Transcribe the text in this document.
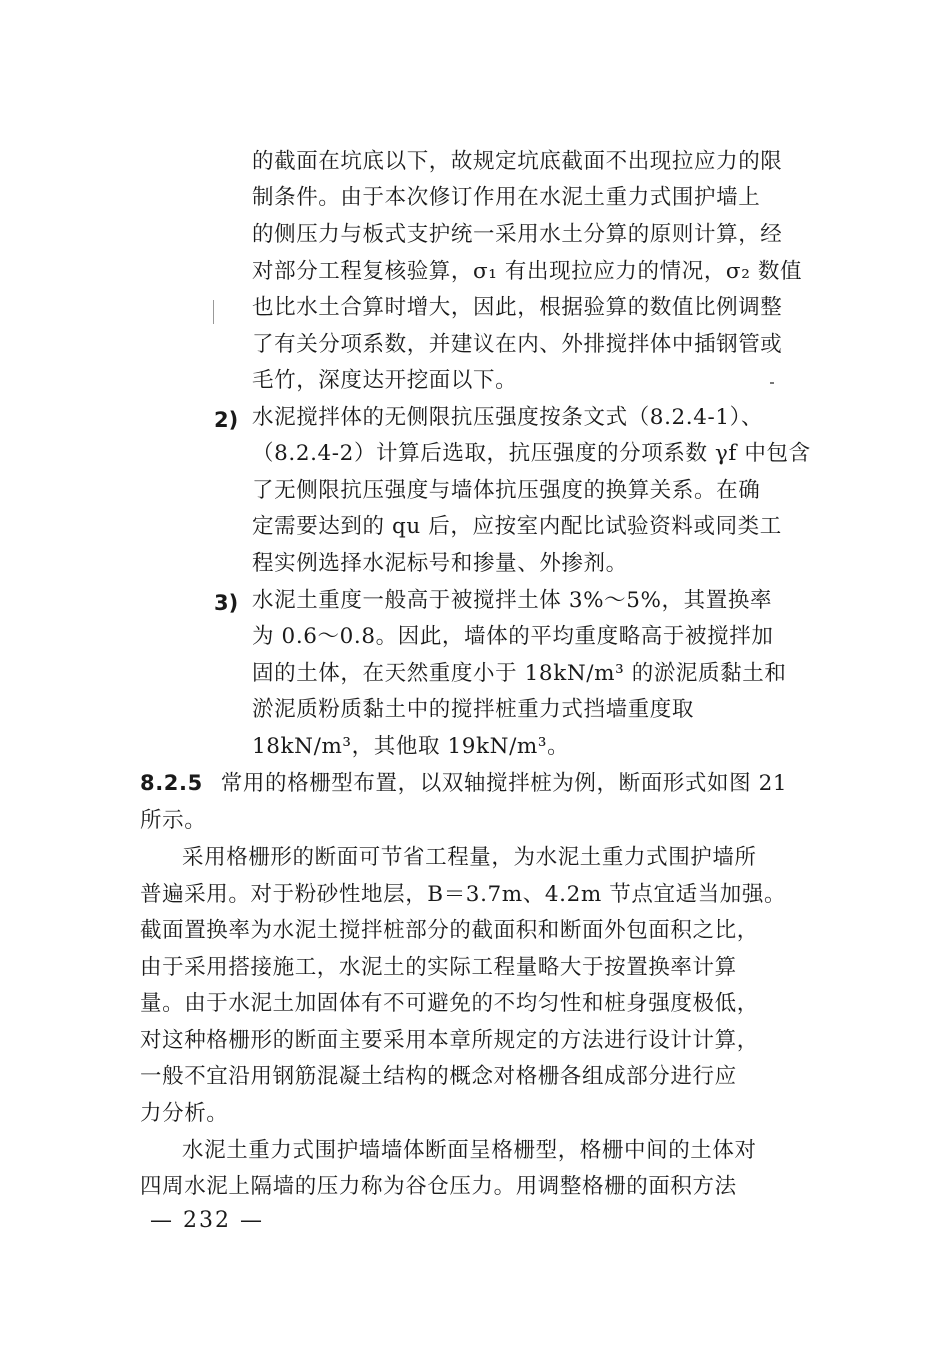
的截面在坑底以下，故规定坑底截面不出现拉应力的限
制条件。由于本次修订作用在水泥土重力式围护墙上
的侧压力与板式支护统一采用水土分算的原则计算，经
对部分工程复核验算，σ₁ 有出现拉应力的情况，σ₂ 数值
也比水土合算时增大，因此，根据验算的数值比例调整
了有关分项系数，并建议在内、外排搅拌体中插钢管或
毛竹，深度达开挖面以下。
2) 水泥搅拌体的无侧限抗压强度按条文式（8.2.4-1）、
（8.2.4-2）计算后选取，抗压强度的分项系数 γf 中包含
了无侧限抗压强度与墙体抗压强度的换算关系。在确
定需要达到的 qu 后，应按室内配比试验资料或同类工
程实例选择水泥标号和掺量、外掺剂。
3) 水泥土重度一般高于被搅拌土体 3%～5%，其置换率
为 0.6～0.8。因此，墙体的平均重度略高于被搅拌加
固的土体，在天然重度小于 18kN/m³ 的淤泥质黏土和
淤泥质粉质黏土中的搅拌桩重力式挡墙重度取
18kN/m³，其他取 19kN/m³。
8.2.5 常用的格栅型布置，以双轴搅拌桩为例，断面形式如图 21
所示。
采用格栅形的断面可节省工程量，为水泥土重力式围护墙所
普遍采用。对于粉砂性地层，B＝3.7m、4.2m 节点宜适当加强。
截面置换率为水泥土搅拌桩部分的截面积和断面外包面积之比，
由于采用搭接施工，水泥土的实际工程量略大于按置换率计算
量。由于水泥土加固体有不可避免的不均匀性和桩身强度极低，
对这种格栅形的断面主要采用本章所规定的方法进行设计计算，
一般不宜沿用钢筋混凝土结构的概念对格栅各组成部分进行应
力分析。
水泥土重力式围护墙墙体断面呈格栅型，格栅中间的土体对
四周水泥上隔墙的压力称为谷仓压力。用调整格栅的面积方法
— 232 —
